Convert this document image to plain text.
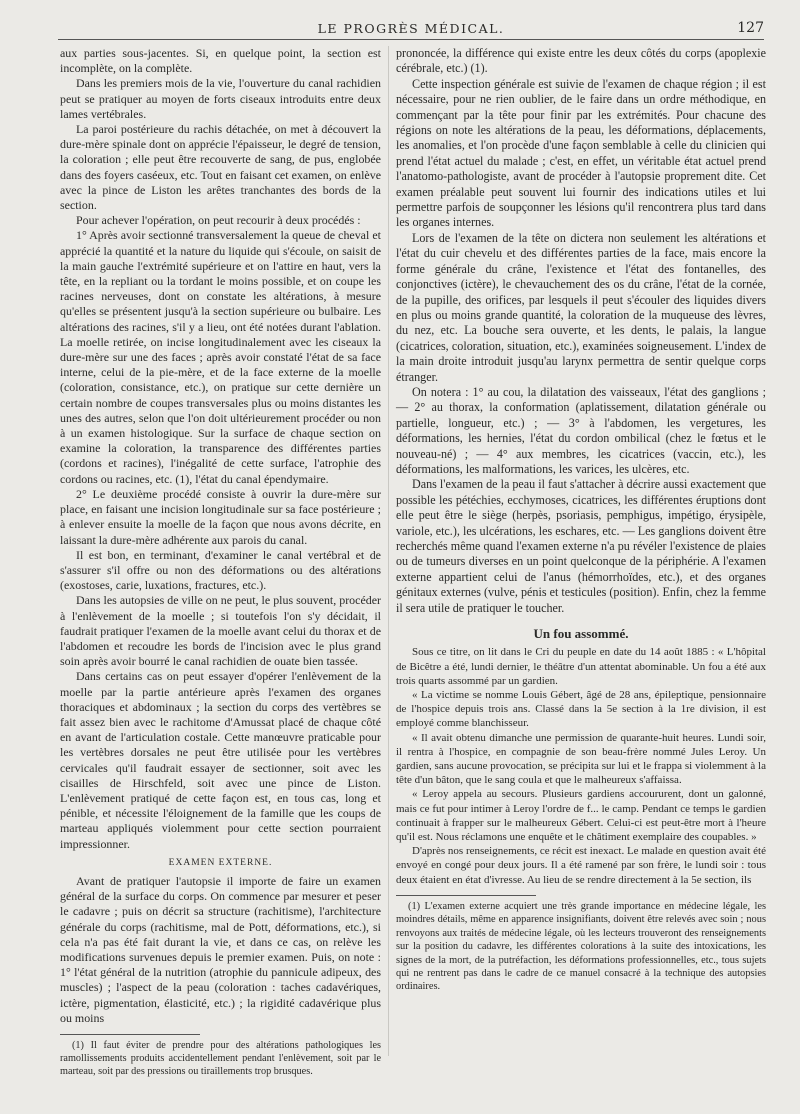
LE PROGRÈS MÉDICAL.	127

aux parties sous-jacentes. Si, en quelque point, la section est incomplète, on la complète.

Dans les premiers mois de la vie, l'ouverture du canal rachidien peut se pratiquer au moyen de forts ciseaux introduits entre deux lames vertébrales.

La paroi postérieure du rachis détachée, on met à découvert la dure-mère spinale dont on apprécie l'épaisseur, le degré de tension, la coloration ; elle peut être recouverte de sang, de pus, englobée dans des foyers caséeux, etc. Tout en faisant cet examen, on enlève avec la pince de Liston les arêtes tranchantes des bords de la section.

Pour achever l'opération, on peut recourir à deux procédés :

1° Après avoir sectionné transversalement la queue de cheval et apprécié la quantité et la nature du liquide qui s'écoule, on saisit de la main gauche l'extrémité supérieure et on l'attire en haut, vers la tête, en la repliant ou la tordant le moins possible, et on coupe les racines nerveuses, dont on constate les altérations, à mesure qu'elles se présentent jusqu'à la section supérieure ou bulbaire. Les altérations des racines, s'il y a lieu, ont été notées durant l'ablation. La moelle retirée, on incise longitudinalement avec les ciseaux la dure-mère sur une des faces ; après avoir constaté l'état de sa face interne, celui de la pie-mère, et de la face externe de la moelle (coloration, consistance, etc.), on pratique sur cette dernière un certain nombre de coupes transversales plus ou moins distantes les unes des autres, selon que l'on doit ultérieurement procéder ou non à un examen histologique. Sur la surface de chaque section on examine la coloration, la transparence des différentes parties (cordons et racines), l'inégalité de cette surface, l'atrophie des cordons ou racines, etc. (1), l'état du canal épendymaire.

2° Le deuxième procédé consiste à ouvrir la dure-mère sur place, en faisant une incision longitudinale sur sa face postérieure ; à enlever ensuite la moelle de la façon que nous avons décrite, en laissant la dure-mère adhérente aux parois du canal.

Il est bon, en terminant, d'examiner le canal vertébral et de s'assurer s'il offre ou non des déformations ou des altérations (exostoses, carie, luxations, fractures, etc.).

Dans les autopsies de ville on ne peut, le plus souvent, procéder à l'enlèvement de la moelle ; si toutefois l'on s'y décidait, il faudrait pratiquer l'examen de la moelle avant celui du thorax et de l'abdomen et recoudre les bords de l'incision avec le plus grand soin après avoir bourré le canal rachidien de ouate bien tassée.

Dans certains cas on peut essayer d'opérer l'enlèvement de la moelle par la partie antérieure après l'examen des organes thoraciques et abdominaux ; la section du corps des vertèbres se fait assez bien avec le rachitome d'Amussat placé de chaque côté en avant de l'articulation costale. Cette manœuvre praticable pour les vertèbres dorsales ne peut être utilisée pour les vertèbres cervicales qu'il faudrait essayer de sectionner, soit avec les cisailles de Hirschfeld, soit avec une pince de Liston. L'enlèvement pratiqué de cette façon est, en tous cas, long et pénible, et nécessite l'éloignement de la famille que les coups de marteau appliqués violemment pour cette section pourraient impressionner.

EXAMEN EXTERNE.

Avant de pratiquer l'autopsie il importe de faire un examen général de la surface du corps. On commence par mesurer et peser le cadavre ; puis on décrit sa structure (rachitisme), l'architecture générale du corps (rachitisme, mal de Pott, déformations, etc.), si cela n'a pas été fait durant la vie, et dans ce cas, on relève les modifications survenues depuis le premier examen. Puis, on note : 1° l'état général de la nutrition (atrophie du pannicule adipeux, des muscles) ; l'aspect de la peau (coloration : taches cadavériques, ictère, pigmentation, élasticité, etc.) ; la rigidité cadavérique plus ou moins

(1) Il faut éviter de prendre pour des altérations pathologiques les ramollissements produits accidentellement pendant l'enlèvement, soit par le marteau, soit par des pressions ou tiraillements trop brusques.

prononcée, la différence qui existe entre les deux côtés du corps (apoplexie cérébrale, etc.) (1).

Cette inspection générale est suivie de l'examen de chaque région ; il est nécessaire, pour ne rien oublier, de le faire dans un ordre méthodique, en commençant par la tête pour finir par les extrémités. Pour chacune des régions on note les altérations de la peau, les déformations, déplacements, les anomalies, et l'on procède d'une façon semblable à celle du clinicien qui prend l'état actuel du malade ; c'est, en effet, un véritable état actuel prend l'anatomo-pathologiste, avant de procéder à l'autopsie proprement dite. Cet examen préalable peut souvent lui fournir des indications utiles et lui permettre parfois de soupçonner les lésions qu'il rencontrera plus tard dans les organes internes.

Lors de l'examen de la tête on dictera non seulement les altérations et l'état du cuir chevelu et des différentes parties de la face, mais encore la forme générale du crâne, l'existence et l'état des fontanelles, des conjonctives (ictère), le chevauchement des os du crâne, l'état de la cornée, de la pupille, des orifices, par lesquels il peut s'écouler des liquides divers en plus ou moins grande quantité, la coloration de la muqueuse des lèvres, du nez, etc. La bouche sera ouverte, et les dents, le palais, la langue (cicatrices, coloration, situation, etc.), examinées soigneusement. L'index de la main droite introduit jusqu'au larynx permettra de sentir quelque corps étranger.

On notera : 1° au cou, la dilatation des vaisseaux, l'état des ganglions ; — 2° au thorax, la conformation (aplatissement, dilatation générale ou partielle, longueur, etc.) ; — 3° à l'abdomen, les vergetures, les déformations, les hernies, l'état du cordon ombilical (chez le fœtus et le nouveau-né) ; — 4° aux membres, les cicatrices (vaccin, etc.), les déformations, les malformations, les varices, les ulcères, etc.

Dans l'examen de la peau il faut s'attacher à décrire aussi exactement que possible les pétéchies, ecchymoses, cicatrices, les différentes éruptions dont elle peut être le siège (herpès, psoriasis, pemphigus, impétigo, érysipèle, variole, etc.), les ulcérations, les eschares, etc. — Les ganglions doivent être recherchés même quand l'examen externe n'a pu révéler l'existence de plaies ou de tumeurs diverses en un point quelconque de la périphérie. A l'examen externe appartient celui de l'anus (hémorrhoïdes, etc.), et des organes génitaux externes (vulve, pénis et testicules (position). Enfin, chez la femme il sera utile de pratiquer le toucher.

Un fou assommé.

Sous ce titre, on lit dans le Cri du peuple en date du 14 août 1885 : « L'hôpital de Bicêtre a été, lundi dernier, le théâtre d'un attentat abominable. Un fou a été aux trois quarts assommé par un gardien.

« La victime se nomme Louis Gébert, âgé de 28 ans, épileptique, pensionnaire de l'hospice depuis trois ans. Classé dans la 5e section à la 1re division, il est employé comme blanchisseur.

« Il avait obtenu dimanche une permission de quarante-huit heures. Lundi soir, il rentra à l'hospice, en compagnie de son beau-frère nommé Jules Leroy. Un gardien, sans aucune provocation, se précipita sur lui et le frappa si violemment à la tête d'un bâton, que le sang coula et que le malheureux s'affaissa.

« Leroy appela au secours. Plusieurs gardiens accoururent, dont un galonné, mais ce fut pour intimer à Leroy l'ordre de f... le camp. Pendant ce temps le gardien continuait à frapper sur le malheureux Gébert. Celui-ci est peut-être mort à l'heure qu'il est. Nous réclamons une enquête et le châtiment exemplaire des coupables. »

D'après nos renseignements, ce récit est inexact. Le malade en question avait été envoyé en congé pour deux jours. Il a été ramené par son frère, le lundi soir : tous deux étaient en état d'ivresse. Au lieu de se rendre directement à la 5e section, ils

(1) L'examen externe acquiert une très grande importance en médecine légale, les moindres détails, même en apparence insignifiants, doivent être relevés avec soin ; nous renvoyons aux traités de médecine légale, où les lecteurs trouveront des renseignements sur la position du cadavre, les différentes colorations à la suite des intoxications, les signes de la mort, de la putréfaction, les déformations professionnelles, etc., tous sujets qui ne rentrent pas dans le cadre de ce manuel consacré à la technique des autopsies ordinaires.
